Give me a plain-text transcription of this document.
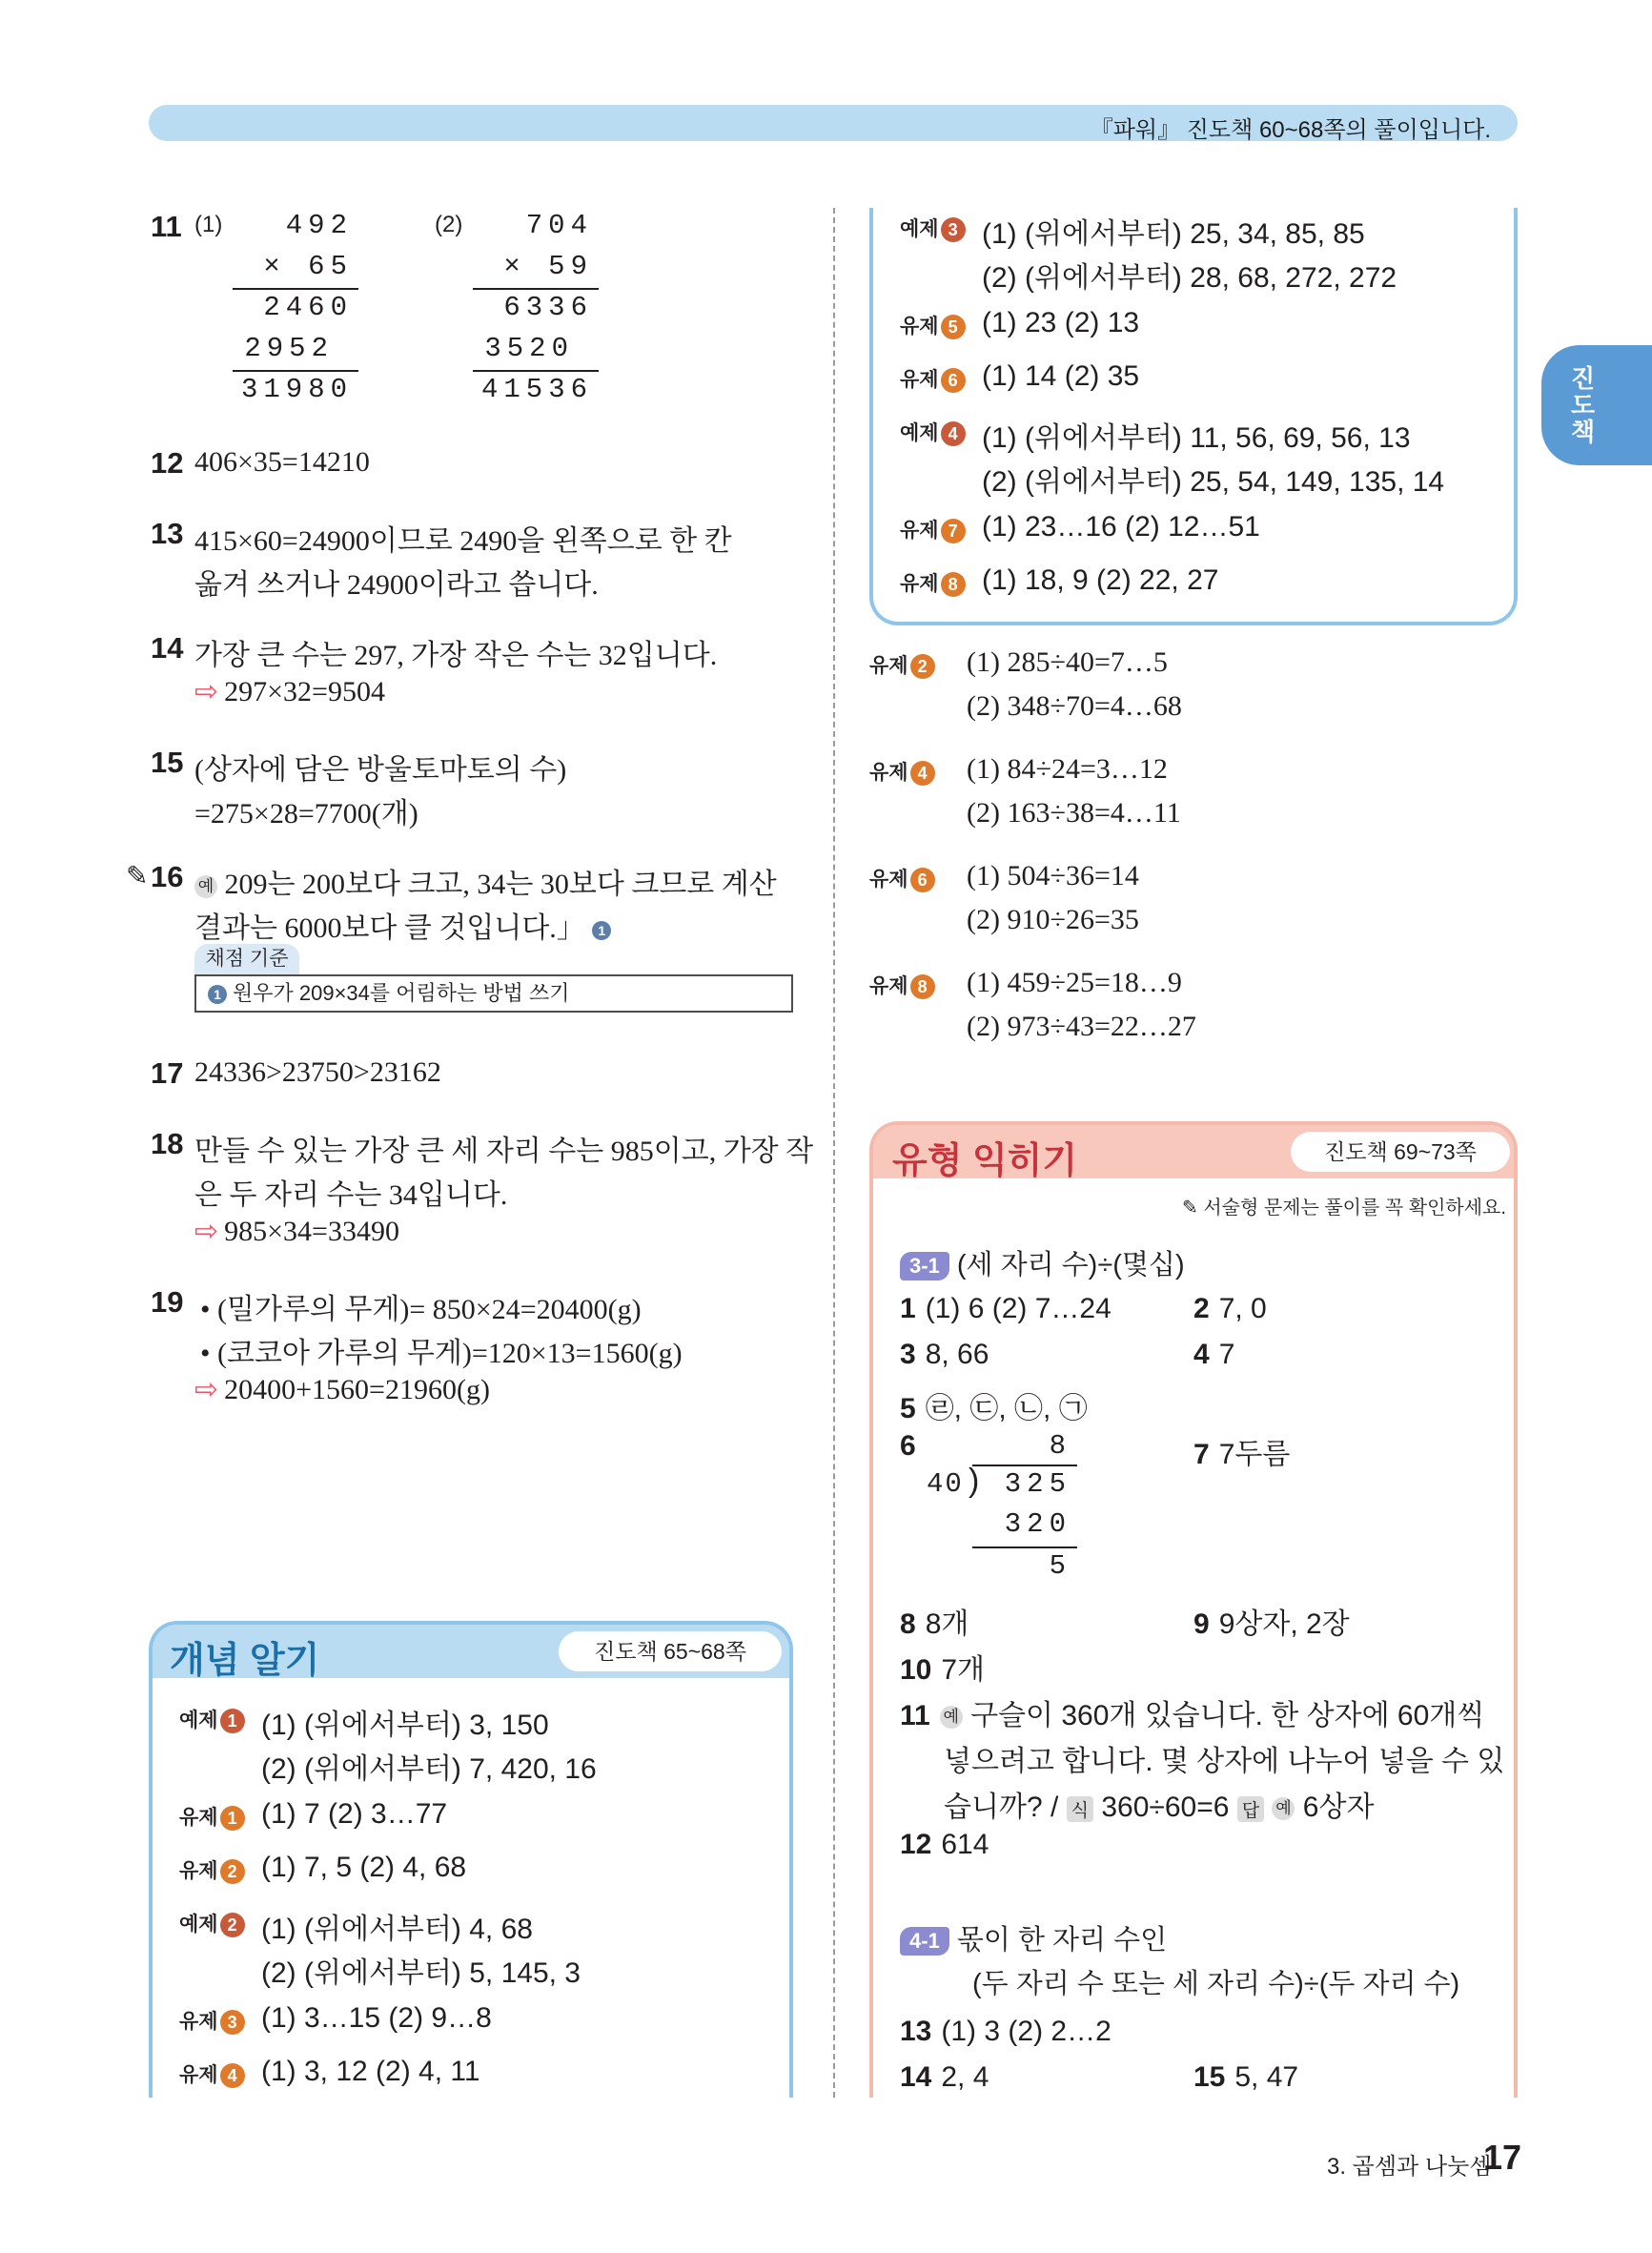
『파워』 진도책 60~68쪽의 풀이입니다.
진도책
11 (1)	492
× 65
2460
2952
31980
(2)	704
× 59
6336
3520
41536
12 406×35=14210
13 415×60=24900이므로 2490을 왼쪽으로 한 칸
옮겨 쓰거나 24900이라고 씁니다.
14 가장 큰 수는 297, 가장 작은 수는 32입니다.
⇨ 297×32=9504
15 (상자에 담은 방울토마토의 수)
=275×28=7700(개)
✎ 16 예 209는 200보다 크고, 34는 30보다 크므로 계산
결과는 6000보다 클 것입니다.」 1
채점 기준
1 원우가 209×34를 어림하는 방법 쓰기
17 24336>23750>23162
18 만들 수 있는 가장 큰 세 자리 수는 985이고, 가장 작
은 두 자리 수는 34입니다.
⇨ 985×34=33490
19 • (밀가루의 무게)= 850×24=20400(g)
• (코코아 가루의 무게)=120×13=1560(g)
⇨ 20400+1560=21960(g)
개념 알기	진도책 65~68쪽
예제 1 (1) (위에서부터) 3, 150
(2) (위에서부터) 7, 420, 16
유제 1 (1) 7 (2) 3…77
유제 2 (1) 7, 5 (2) 4, 68
예제 2 (1) (위에서부터) 4, 68
(2) (위에서부터) 5, 145, 3
유제 3 (1) 3…15 (2) 9…8
유제 4 (1) 3, 12 (2) 4, 11
예제 3 (1) (위에서부터) 25, 34, 85, 85
(2) (위에서부터) 28, 68, 272, 272
유제 5 (1) 23 (2) 13
유제 6 (1) 14 (2) 35
예제 4 (1) (위에서부터) 11, 56, 69, 56, 13
(2) (위에서부터) 25, 54, 149, 135, 14
유제 7 (1) 23…16 (2) 12…51
유제 8 (1) 18, 9 (2) 22, 27
유제 2 (1) 285÷40=7…5
(2) 348÷70=4…68
유제 4 (1) 84÷24=3…12
(2) 163÷38=4…11
유제 6 (1) 504÷36=14
(2) 910÷26=35
유제 8 (1) 459÷25=18…9
(2) 973÷43=22…27
유형 익히기	진도책 69~73쪽
✎ 서술형 문제는 풀이를 꼭 확인하세요.
3-1 (세 자리 수)÷(몇십)
1 (1) 6 (2) 7…24	2 7, 0
3 8, 66	4 7
5 ㉣, ㉢, ㉡, ㉠
6	8
40 ) 325
320
5
7 7두름
8 8개	9 9상자, 2장
10 7개
11 예 구슬이 360개 있습니다. 한 상자에 60개씩
넣으려고 합니다. 몇 상자에 나누어 넣을 수 있
습니까? / 식 360÷60=6 답 예 6상자
12 614
4-1 몫이 한 자리 수인
(두 자리 수 또는 세 자리 수)÷(두 자리 수)
13 (1) 3 (2) 2…2
14 2, 4	15 5, 47
3. 곱셈과 나눗셈
17
